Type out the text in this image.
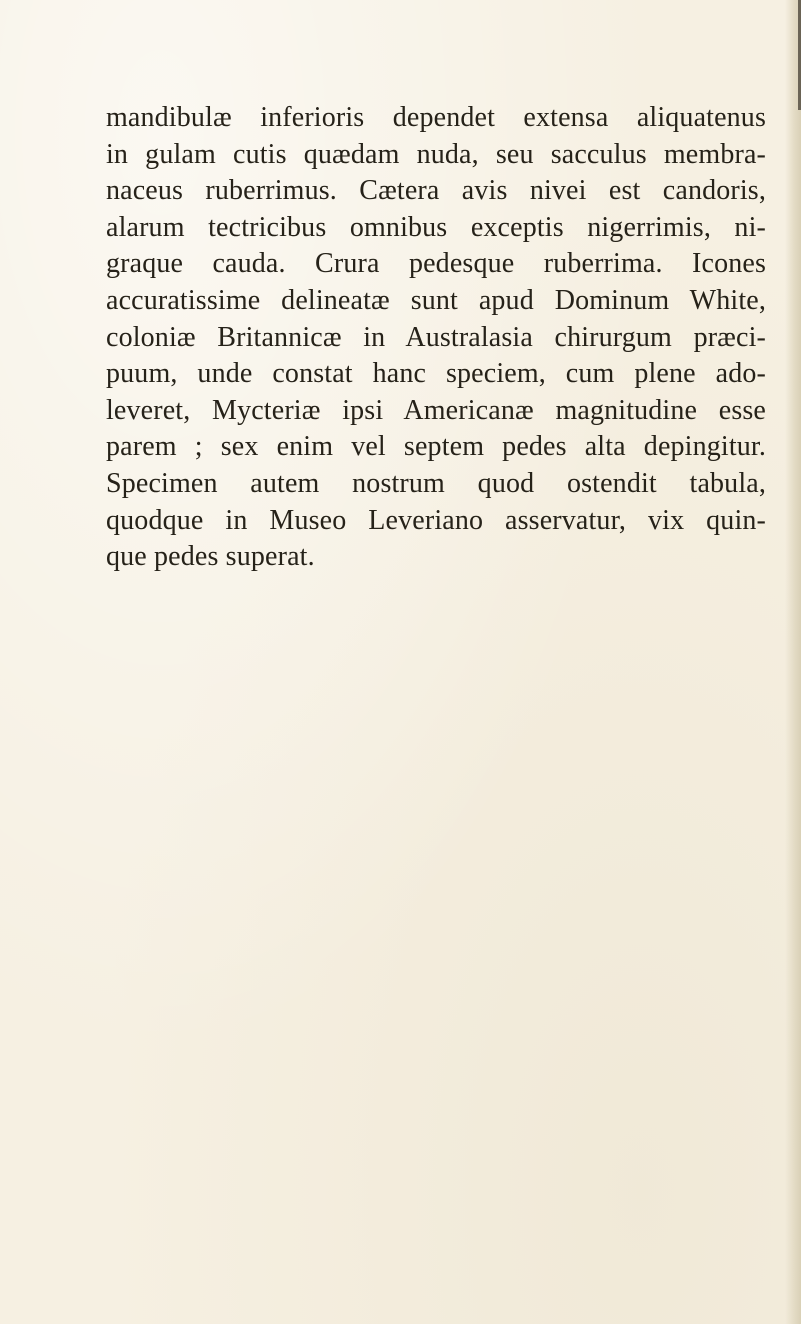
mandibulæ inferioris dependet extensa aliquatenus
in gulam cutis quædam nuda, seu sacculus membra-
naceus ruberrimus. Cætera avis nivei est candoris,
alarum tectricibus omnibus exceptis nigerrimis, ni-
graque cauda. Crura pedesque ruberrima. Icones
accuratissime delineatæ sunt apud Dominum White,
coloniæ Britannicæ in Australasia chirurgum præci-
puum, unde constat hanc speciem, cum plene ado-
leveret, Mycteriæ ipsi Americanæ magnitudine esse
parem ; sex enim vel septem pedes alta depingitur.
Specimen autem nostrum quod ostendit tabula,
quodque in Museo Leveriano asservatur, vix quin-
que pedes superat.
